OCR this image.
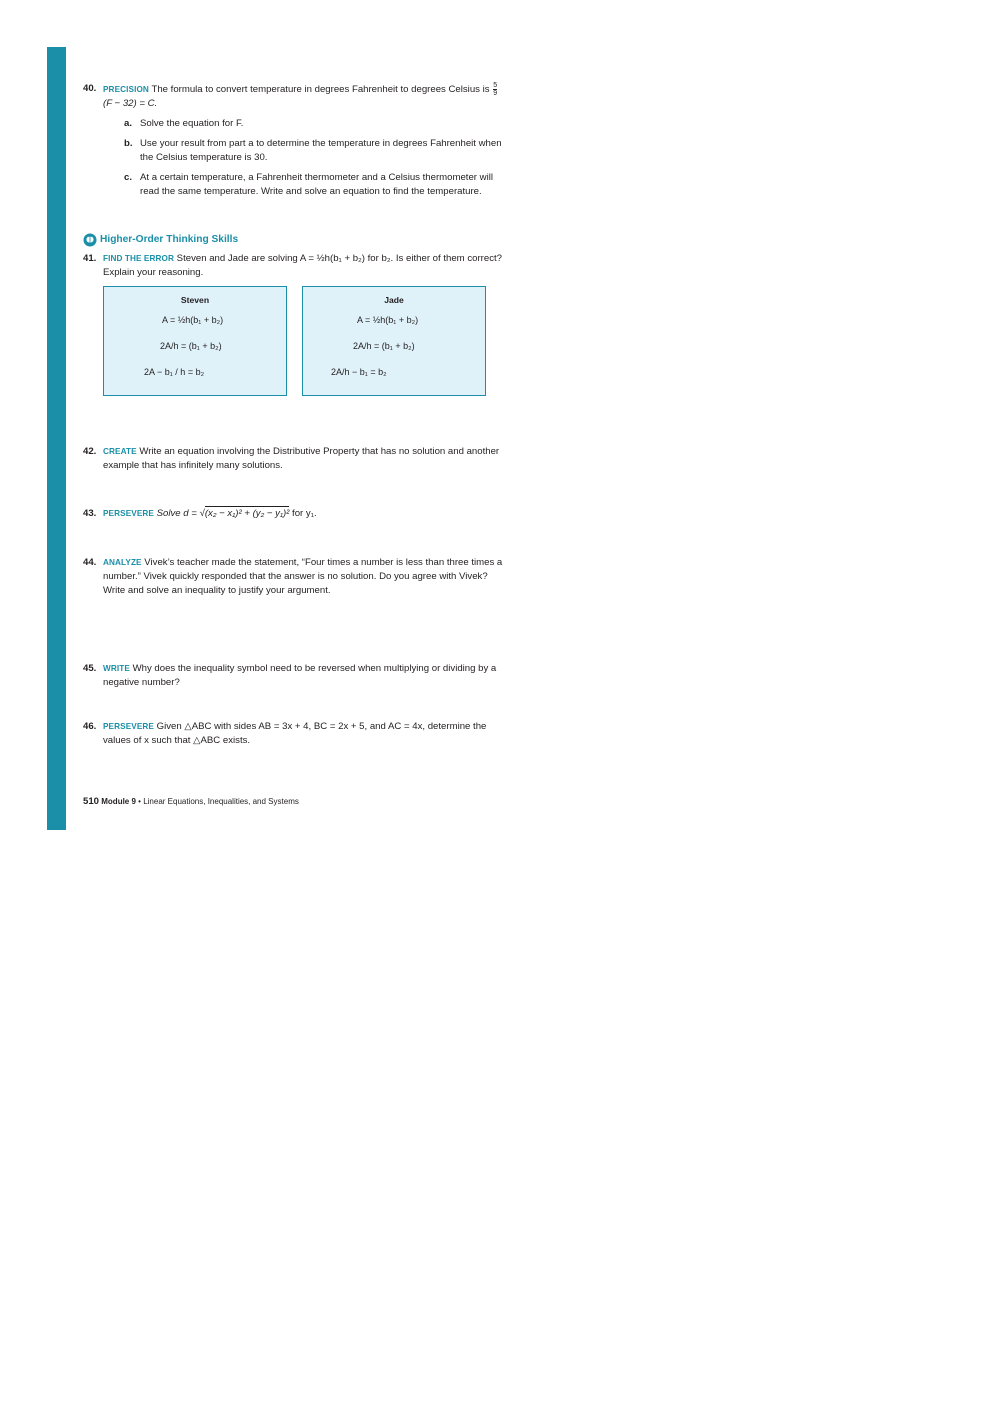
40. PRECISION The formula to convert temperature in degrees Fahrenheit to degrees Celsius is $\frac{5}{9}$
(F − 32) = C.
a. Solve the equation for F.
b. Use your result from part a to determine the temperature in degrees Fahrenheit when the Celsius temperature is 30.
c. At a certain temperature, a Fahrenheit thermometer and a Celsius thermometer will read the same temperature. Write and solve an equation to find the temperature.
Higher-Order Thinking Skills
41. FIND THE ERROR Steven and Jade are solving A = ½h(b₁ + b₂) for b₂. Is either of them correct? Explain your reasoning.
Steven
A = ½h(b₁ + b₂)
2A/h = (b₁ + b₂)
2A − b₁ / h = b₂
Jade
A = ½h(b₁ + b₂)
2A/h = (b₁ + b₂)
2A/h − b₁ = b₂
42. CREATE Write an equation involving the Distributive Property that has no solution and another example that has infinitely many solutions.
43. PERSEVERE Solve d = √(x₂ − x₁)² + (y₂ − y₁)² for y₁.
44. ANALYZE Vivek’s teacher made the statement, “Four times a number is less than three times a number.” Vivek quickly responded that the answer is no solution. Do you agree with Vivek? Write and solve an inequality to justify your argument.
45. WRITE Why does the inequality symbol need to be reversed when multiplying or dividing by a negative number?
46. PERSEVERE Given △ABC with sides AB = 3x + 4, BC = 2x + 5, and AC = 4x, determine the values of x such that △ABC exists.
510 Module 9 • Linear Equations, Inequalities, and Systems
